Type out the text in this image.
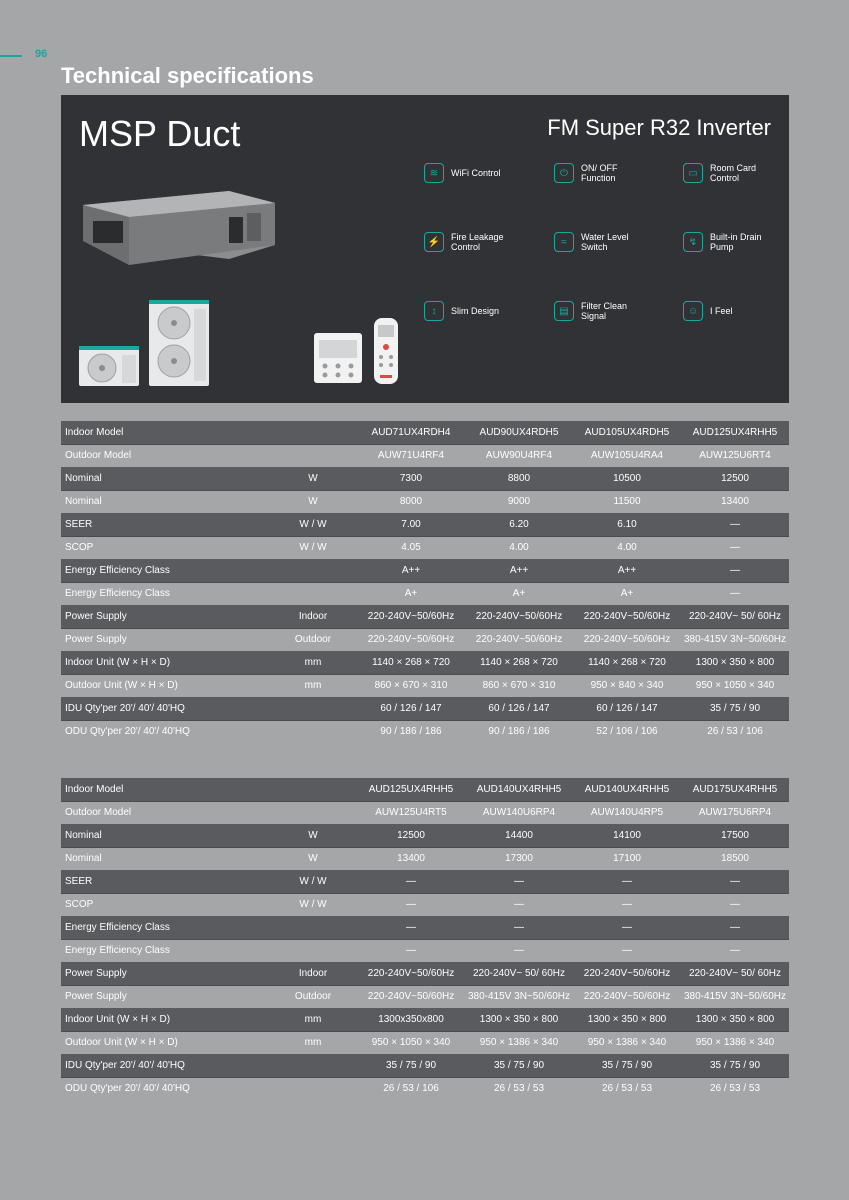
96
Technical specifications
MSP Duct	FM Super R32 Inverter
≋	WiFi Control	⏻	ON/ OFF
Function	▭	Room Card
Control
⚡	Fire Leakage
Control	≈	Water Level
Switch	↯	Built-in Drain
Pump
↕	Slim Design	▤	Filter Clean
Signal	☺	I Feel
Indoor Model		AUD71UX4RDH4	AUD90UX4RDH5	AUD105UX4RDH5	AUD125UX4RHH5
Outdoor Model		AUW71U4RF4	AUW90U4RF4	AUW105U4RA4	AUW125U6RT4
Nominal	W	7300	8800	10500	12500
Nominal	W	8000	9000	11500	13400
SEER	W / W	7.00	6.20	6.10	—
SCOP	W / W	4.05	4.00	4.00	—
Energy Efficiency Class		A++	A++	A++	—
Energy Efficiency Class		A+	A+	A+	—
Power Supply	Indoor	220-240V~50/60Hz	220-240V~50/60Hz	220-240V~50/60Hz	220-240V~ 50/ 60Hz
Power Supply	Outdoor	220-240V~50/60Hz	220-240V~50/60Hz	220-240V~50/60Hz	380-415V 3N~50/60Hz
Indoor Unit (W × H × D)	mm	1140 × 268 × 720	1140 × 268 × 720	1140 × 268 × 720	1300 × 350 × 800
Outdoor Unit (W × H × D)	mm	860 × 670 × 310	860 × 670 × 310	950 × 840 × 340	950 × 1050 × 340
IDU Qty'per 20'/ 40'/ 40'HQ		60 / 126 / 147	60 / 126 / 147	60 / 126 / 147	35 / 75 / 90
ODU Qty'per 20'/ 40'/ 40'HQ		90 / 186 / 186	90 / 186 / 186	52 / 106 / 106	26 / 53 / 106
Indoor Model		AUD125UX4RHH5	AUD140UX4RHH5	AUD140UX4RHH5	AUD175UX4RHH5
Outdoor Model		AUW125U4RT5	AUW140U6RP4	AUW140U4RP5	AUW175U6RP4
Nominal	W	12500	14400	14100	17500
Nominal	W	13400	17300	17100	18500
SEER	W / W	—	—	—	—
SCOP	W / W	—	—	—	—
Energy Efficiency Class		—	—	—	—
Energy Efficiency Class		—	—	—	—
Power Supply	Indoor	220-240V~50/60Hz	220-240V~ 50/ 60Hz	220-240V~50/60Hz	220-240V~ 50/ 60Hz
Power Supply	Outdoor	220-240V~50/60Hz	380-415V 3N~50/60Hz	220-240V~50/60Hz	380-415V 3N~50/60Hz
Indoor Unit (W × H × D)	mm	1300x350x800	1300 × 350 × 800	1300 × 350 × 800	1300 × 350 × 800
Outdoor Unit (W × H × D)	mm	950 × 1050 × 340	950 × 1386 × 340	950 × 1386 × 340	950 × 1386 × 340
IDU Qty'per 20'/ 40'/ 40'HQ		35 / 75 / 90	35 / 75 / 90	35 / 75 / 90	35 / 75 / 90
ODU Qty'per 20'/ 40'/ 40'HQ		26 / 53 / 106	26 / 53 / 53	26 / 53 / 53	26 / 53 / 53
